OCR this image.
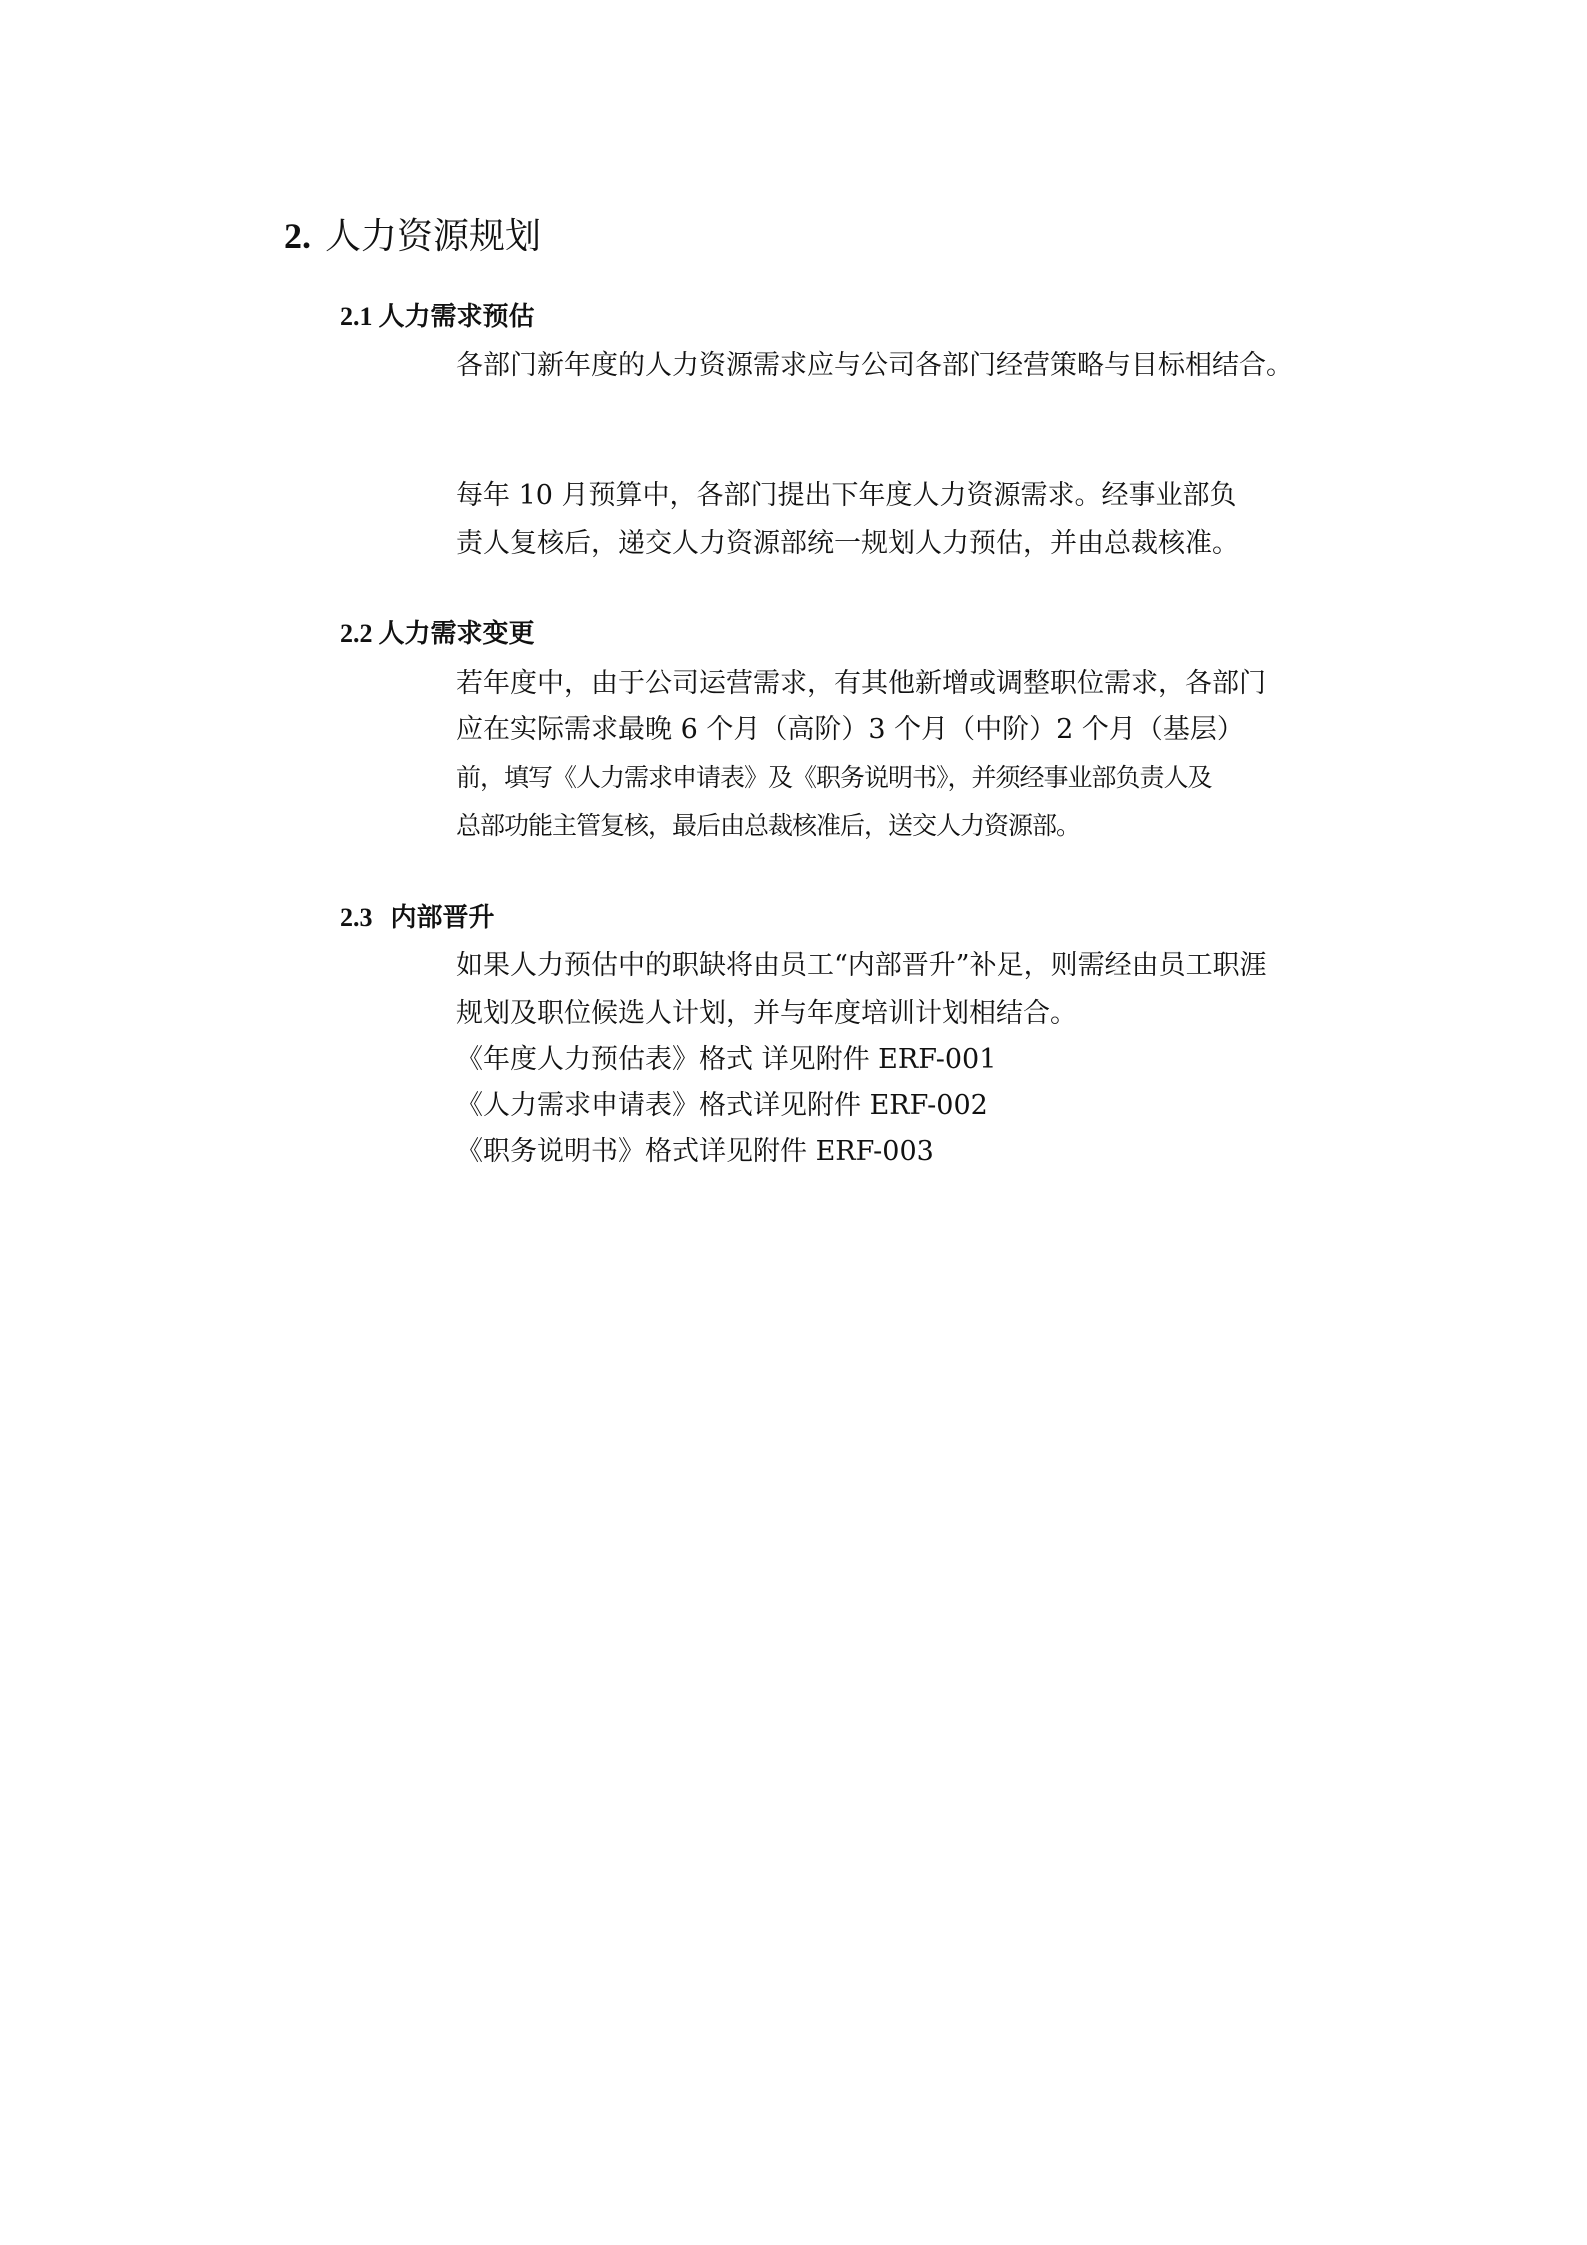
2. 人力资源规划
2.1 人力需求预估
各部门新年度的人力资源需求应与公司各部门经营策略与目标相结合。
每年 10 月预算中，各部门提出下年度人力资源需求。经事业部负
责人复核后，递交人力资源部统一规划人力预估，并由总裁核准。
2.2 人力需求变更
若年度中，由于公司运营需求，有其他新增或调整职位需求，各部门
应在实际需求最晚 6 个月（高阶）3 个月（中阶）2 个月（基层）
前，填写《人力需求申请表》及《职务说明书》，并须经事业部负责人及
总部功能主管复核，最后由总裁核准后，送交人力资源部。
2.3 内部晋升
如果人力预估中的职缺将由员工“内部晋升”补足，则需经由员工职涯
规划及职位候选人计划，并与年度培训计划相结合。
《年度人力预估表》格式 详见附件 ERF-001
《人力需求申请表》格式详见附件 ERF-002
《职务说明书》格式详见附件 ERF-003
